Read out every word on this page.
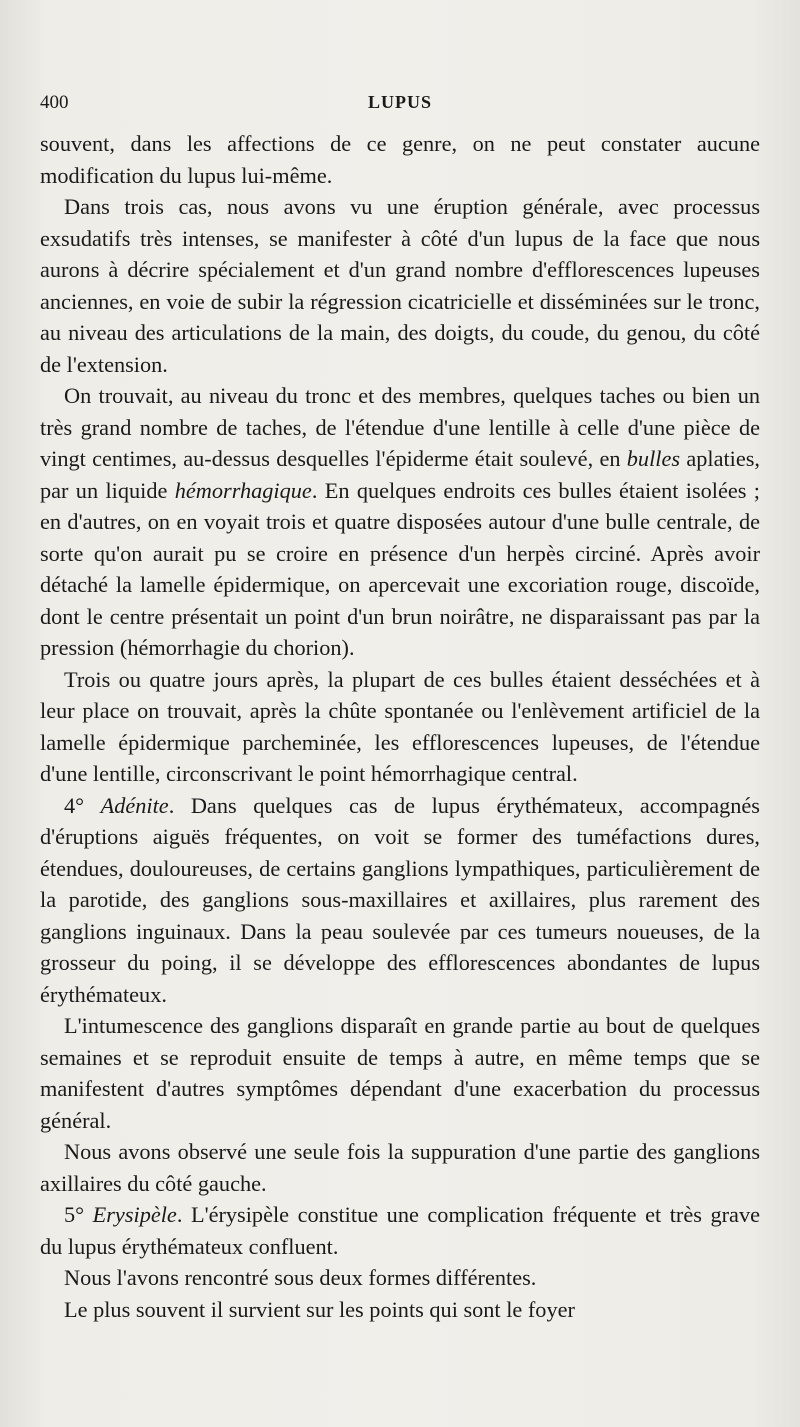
400	LUPUS

souvent, dans les affections de ce genre, on ne peut constater aucune modification du lupus lui-même.

Dans trois cas, nous avons vu une éruption générale, avec processus exsudatifs très intenses, se manifester à côté d'un lupus de la face que nous aurons à décrire spécialement et d'un grand nombre d'efflorescences lupeuses anciennes, en voie de subir la régression cicatricielle et disséminées sur le tronc, au niveau des articulations de la main, des doigts, du coude, du genou, du côté de l'extension.

On trouvait, au niveau du tronc et des membres, quelques taches ou bien un très grand nombre de taches, de l'étendue d'une lentille à celle d'une pièce de vingt centimes, au-dessus desquelles l'épiderme était soulevé, en bulles aplaties, par un liquide hémorrhagique. En quelques endroits ces bulles étaient isolées ; en d'autres, on en voyait trois et quatre disposées autour d'une bulle centrale, de sorte qu'on aurait pu se croire en présence d'un herpès circiné. Après avoir détaché la lamelle épidermique, on apercevait une excoriation rouge, discoïde, dont le centre présentait un point d'un brun noirâtre, ne disparaissant pas par la pression (hémorrhagie du chorion).

Trois ou quatre jours après, la plupart de ces bulles étaient desséchées et à leur place on trouvait, après la chûte spontanée ou l'enlèvement artificiel de la lamelle épidermique parcheminée, les efflorescences lupeuses, de l'étendue d'une lentille, circonscrivant le point hémorrhagique central.

4° Adénite. Dans quelques cas de lupus érythémateux, accompagnés d'éruptions aiguës fréquentes, on voit se former des tuméfactions dures, étendues, douloureuses, de certains ganglions lympathiques, particulièrement de la parotide, des ganglions sous-maxillaires et axillaires, plus rarement des ganglions inguinaux. Dans la peau soulevée par ces tumeurs noueuses, de la grosseur du poing, il se développe des efflorescences abondantes de lupus érythémateux.

L'intumescence des ganglions disparaît en grande partie au bout de quelques semaines et se reproduit ensuite de temps à autre, en même temps que se manifestent d'autres symptômes dépendant d'une exacerbation du processus général.

Nous avons observé une seule fois la suppuration d'une partie des ganglions axillaires du côté gauche.

5° Erysipèle. L'érysipèle constitue une complication fréquente et très grave du lupus érythémateux confluent.

Nous l'avons rencontré sous deux formes différentes.

Le plus souvent il survient sur les points qui sont le foyer
